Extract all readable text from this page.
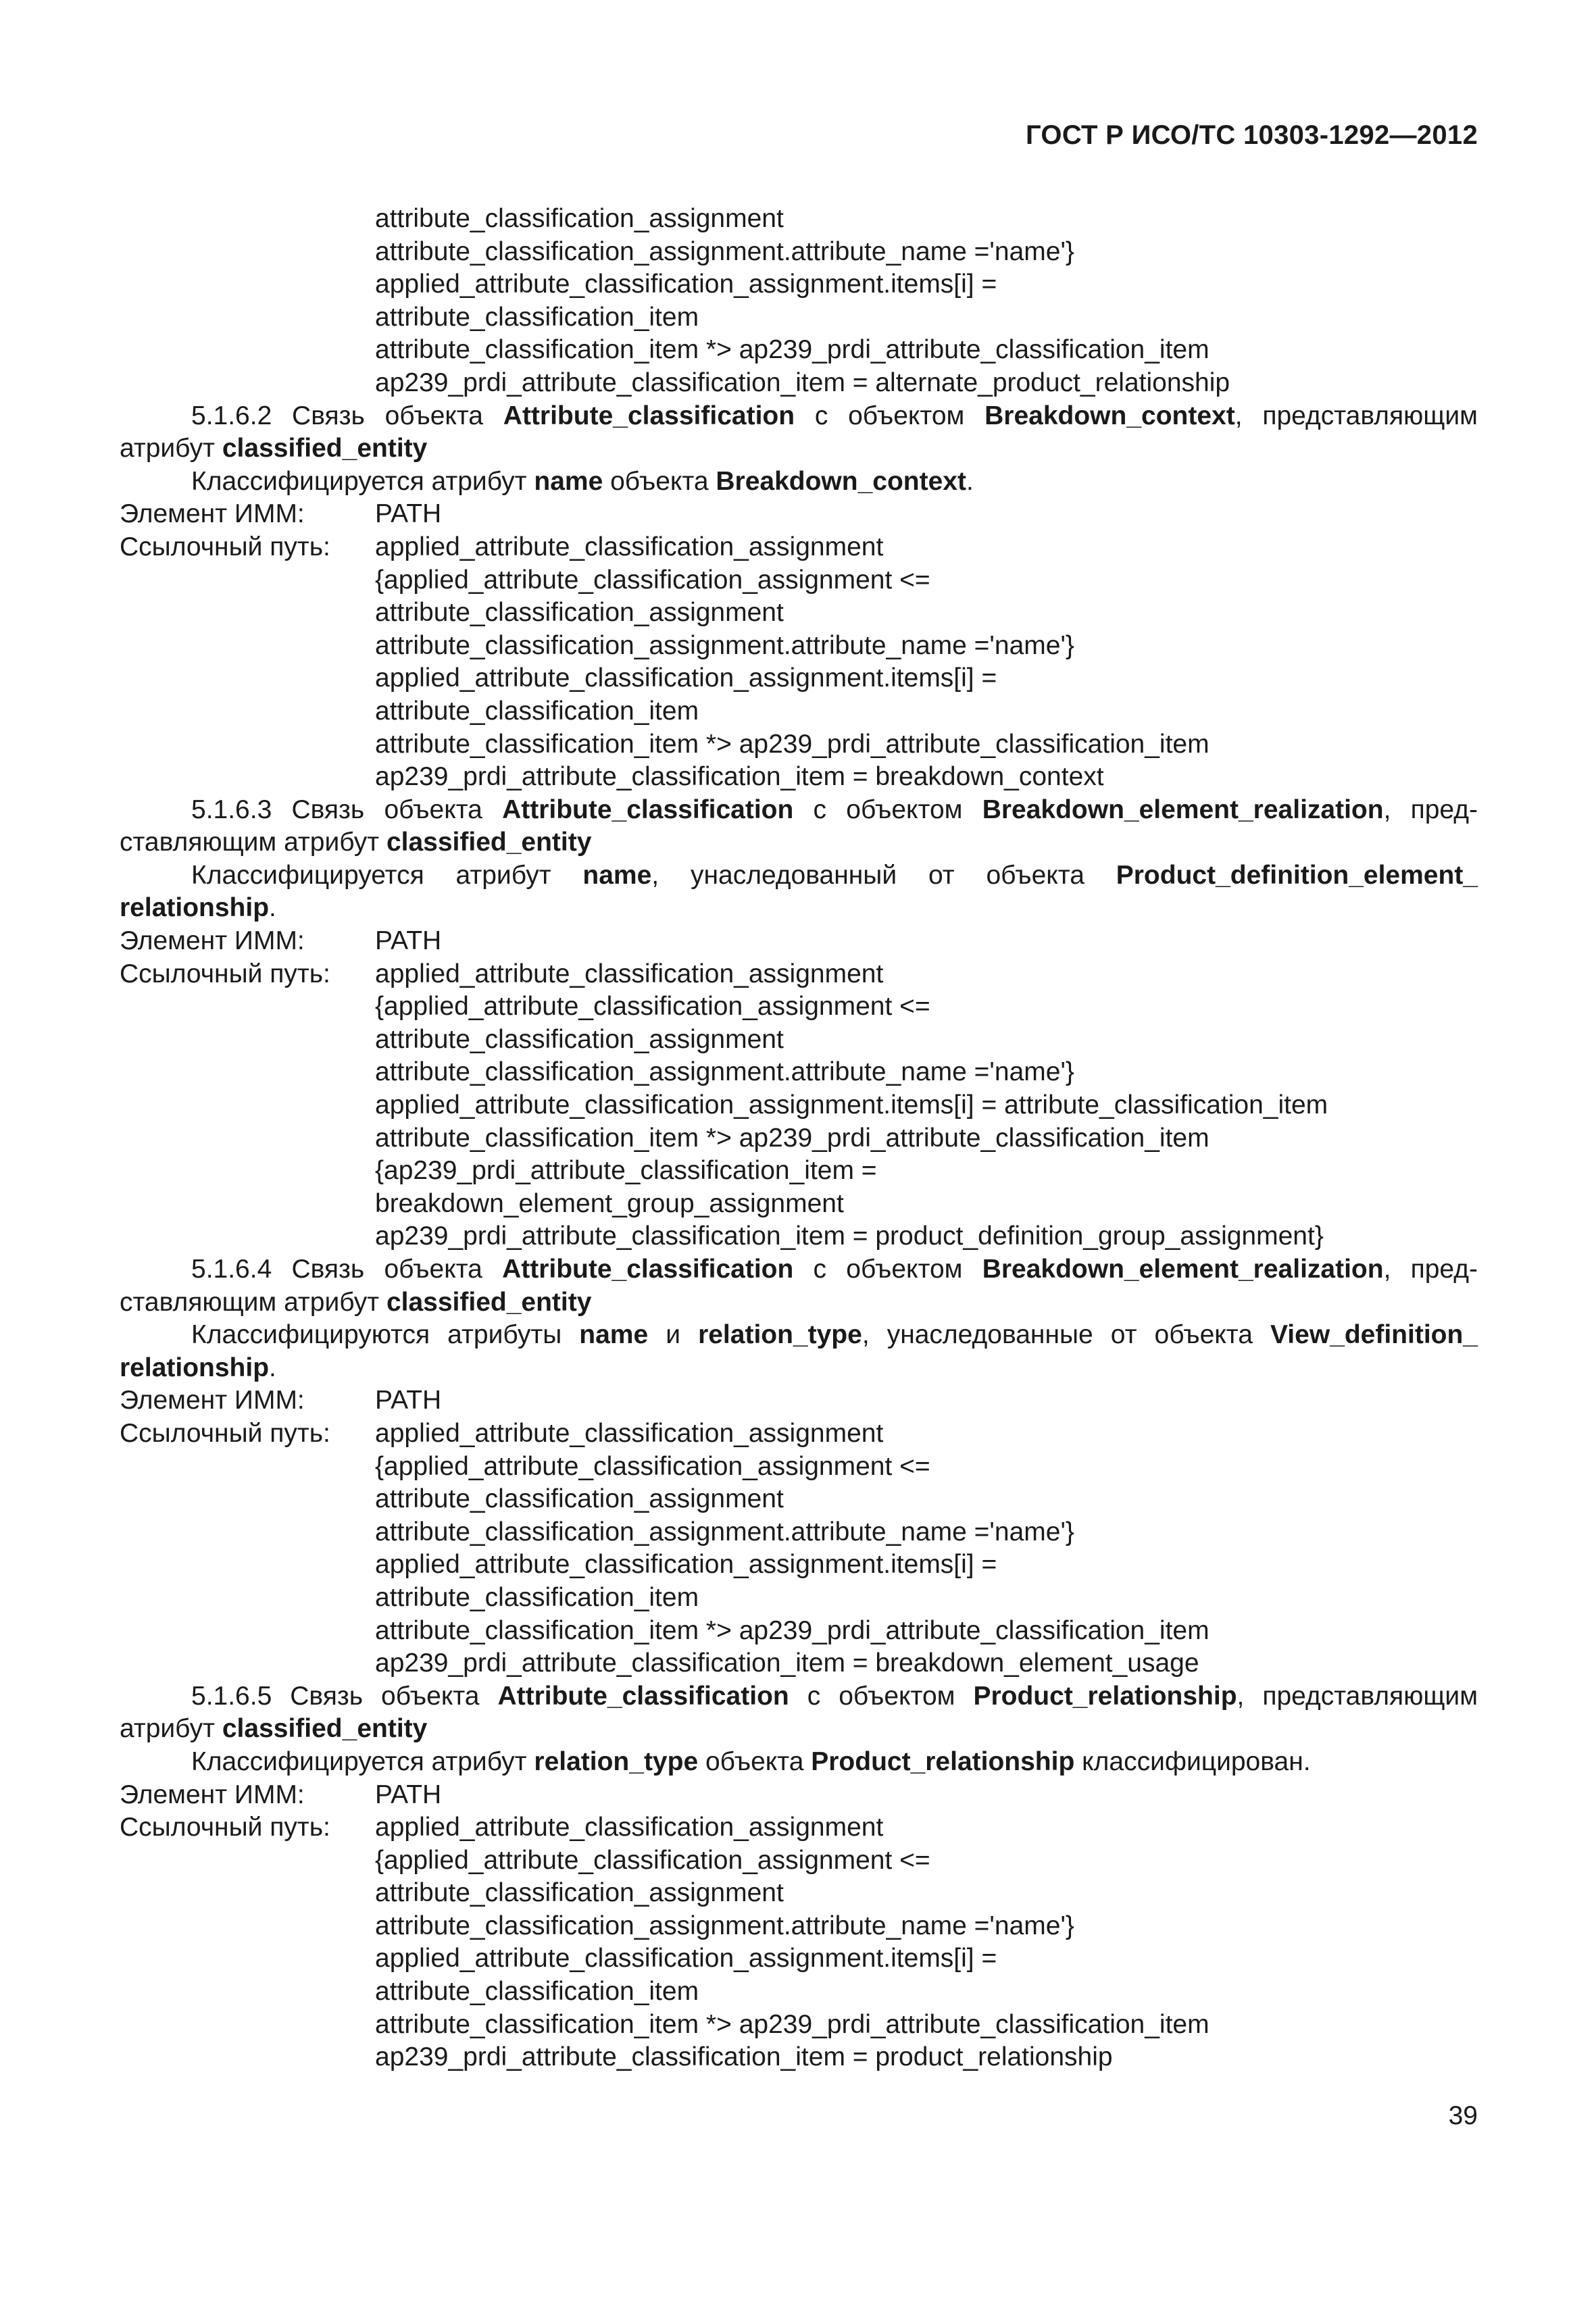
ГОСТ Р ИСО/ТС 10303-1292—2012
attribute_classification_assignment
attribute_classification_assignment.attribute_name ='name'}
applied_attribute_classification_assignment.items[i] =
attribute_classification_item
attribute_classification_item *> ap239_prdi_attribute_classification_item
ap239_prdi_attribute_classification_item = alternate_product_relationship
5.1.6.2 Связь объекта Attribute_classification с объектом Breakdown_context, представляющим
атрибут classified_entity
Классифицируется атрибут name объекта Breakdown_context.
Элемент ИММ:	PATH
Ссылочный путь: applied_attribute_classification_assignment
{applied_attribute_classification_assignment <=
attribute_classification_assignment
attribute_classification_assignment.attribute_name ='name'}
applied_attribute_classification_assignment.items[i] =
attribute_classification_item
attribute_classification_item *> ap239_prdi_attribute_classification_item
ap239_prdi_attribute_classification_item = breakdown_context
5.1.6.3 Связь объекта Attribute_classification с объектом Breakdown_element_realization, пред-
ставляющим атрибут classified_entity
Классифицируется атрибут name, унаследованный от объекта Product_definition_element_
relationship.
Элемент ИММ:	PATH
Ссылочный путь: applied_attribute_classification_assignment
{applied_attribute_classification_assignment <=
attribute_classification_assignment
attribute_classification_assignment.attribute_name ='name'}
applied_attribute_classification_assignment.items[i] = attribute_classification_item
attribute_classification_item *> ap239_prdi_attribute_classification_item
{ap239_prdi_attribute_classification_item =
breakdown_element_group_assignment
ap239_prdi_attribute_classification_item = product_definition_group_assignment}
5.1.6.4 Связь объекта Attribute_classification с объектом Breakdown_element_realization, пред-
ставляющим атрибут classified_entity
Классифицируются атрибуты name и relation_type, унаследованные от объекта View_definition_
relationship.
Элемент ИММ:	PATH
Ссылочный путь: applied_attribute_classification_assignment
{applied_attribute_classification_assignment <=
attribute_classification_assignment
attribute_classification_assignment.attribute_name ='name'}
applied_attribute_classification_assignment.items[i] =
attribute_classification_item
attribute_classification_item *> ap239_prdi_attribute_classification_item
ap239_prdi_attribute_classification_item = breakdown_element_usage
5.1.6.5 Связь объекта Attribute_classification с объектом Product_relationship, представляющим
атрибут classified_entity
Классифицируется атрибут relation_type объекта Product_relationship классифицирован.
Элемент ИММ:	PATH
Ссылочный путь: applied_attribute_classification_assignment
{applied_attribute_classification_assignment <=
attribute_classification_assignment
attribute_classification_assignment.attribute_name ='name'}
applied_attribute_classification_assignment.items[i] =
attribute_classification_item
attribute_classification_item *> ap239_prdi_attribute_classification_item
ap239_prdi_attribute_classification_item = product_relationship
39
